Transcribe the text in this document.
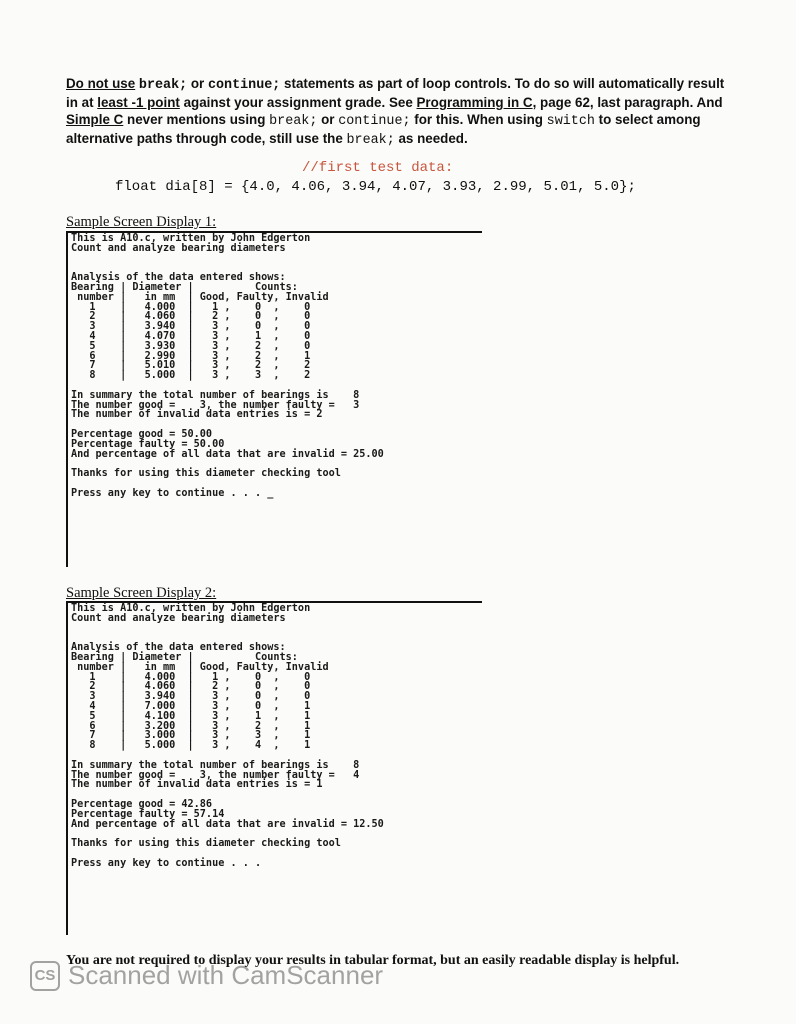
Do not use break; or continue; statements as part of loop controls. To do so will automatically result in at least -1 point against your assignment grade. See Programming in C, page 62, last paragraph. And Simple C never mentions using break; or continue; for this. When using switch to select among alternative paths through code, still use the break; as needed.
//first test data:
float dia[8] = {4.0, 4.06, 3.94, 4.07, 3.93, 2.99, 5.01, 5.0};
Sample Screen Display 1:
This is A10.c, written by John Edgerton
Count and analyze bearing diameters

Analysis of the data entered shows:
Bearing | Diameter |          Counts:
number |   in mm  | Good, Faulty, Invalid
1    |   4.000  |   1 ,    0  ,    0
2    |   4.060  |   2 ,    0  ,    0
3    |   3.940  |   3 ,    0  ,    0
4    |   4.070  |   3 ,    1  ,    0
5    |   3.930  |   3 ,    2  ,    0
6    |   2.990  |   3 ,    2  ,    1
7    |   5.010  |   3 ,    2  ,    2
8    |   5.000  |   3 ,    3  ,    2

In summary the total number of bearings is    8
The number good =    3, the number faulty =   3
The number of invalid data entries is = 2

Percentage good = 50.00
Percentage faulty = 50.00
And percentage of all data that are invalid = 25.00

Thanks for using this diameter checking tool

Press any key to continue . . . _

Sample Screen Display 2:
This is A10.c, written by John Edgerton
Count and analyze bearing diameters

Analysis of the data entered shows:
Bearing | Diameter |          Counts:
number |   in mm  | Good, Faulty, Invalid
1    |   4.000  |   1 ,    0  ,    0
2    |   4.060  |   2 ,    0  ,    0
3    |   3.940  |   3 ,    0  ,    0
4    |   7.000  |   3 ,    0  ,    1
5    |   4.100  |   3 ,    1  ,    1
6    |   3.200  |   3 ,    2  ,    1
7    |   3.000  |   3 ,    3  ,    1
8    |   5.000  |   3 ,    4  ,    1

In summary the total number of bearings is    8
The number good =    3, the number faulty =   4
The number of invalid data entries is = 1

Percentage good = 42.86
Percentage faulty = 57.14
And percentage of all data that are invalid = 12.50

Thanks for using this diameter checking tool

Press any key to continue . . .

CS Scanned with CamScanner
You are not required to display your results in tabular format, but an easily readable display is helpful.
